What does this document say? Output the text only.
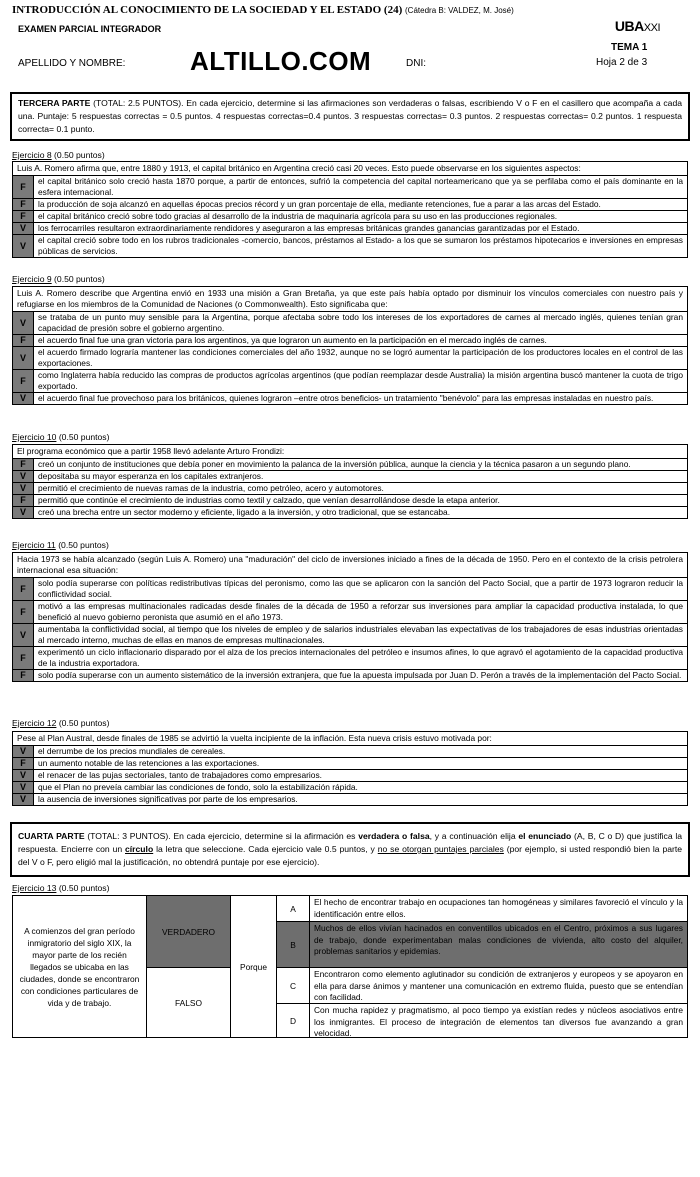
INTRODUCCIÓN AL CONOCIMIENTO DE LA SOCIEDAD Y EL ESTADO (24) (Cátedra B: VALDEZ, M. José)
EXAMEN PARCIAL INTEGRADOR	UBAXXI
TEMA 1
APELLIDO Y NOMBRE: ALTILLO.COM	DNI:	Hoja 2 de 3
TERCERA PARTE (TOTAL: 2.5 PUNTOS). En cada ejercicio, determine si las afirmaciones son verdaderas o falsas, escribiendo V o F en el casillero que acompaña a cada una. Puntaje: 5 respuestas correctas = 0.5 puntos. 4 respuestas correctas=0.4 puntos. 3 respuestas correctas= 0.3 puntos. 2 respuestas correctas= 0.2 puntos. 1 respuesta correcta= 0.1 punto.
Ejercicio 8 (0.50 puntos)
Luis A. Romero afirma que, entre 1880 y 1913, el capital británico en Argentina creció casi 20 veces. Esto puede observarse en los siguientes aspectos:
F
el capital británico solo creció hasta 1870 porque, a partir de entonces, sufrió la competencia del capital norteamericano que ya se perfilaba como el país dominante en la esfera internacional.
F	la producción de soja alcanzó en aquellas épocas precios récord y un gran porcentaje de ella, mediante retenciones, fue a parar a las arcas del Estado.
F	el capital británico creció sobre todo gracias al desarrollo de la industria de maquinaria agrícola para su uso en las producciones regionales.
V	los ferrocarriles resultaron extraordinariamente rendidores y aseguraron a las empresas británicas grandes ganancias garantizadas por el Estado.
V
el capital creció sobre todo en los rubros tradicionales -comercio, bancos, préstamos al Estado- a los que se sumaron los préstamos hipotecarios e inversiones en empresas públicas de servicios.
Ejercicio 9 (0.50 puntos)
Luis A. Romero describe que Argentina envió en 1933 una misión a Gran Bretaña, ya que este país había optado por disminuir los vínculos comerciales con nuestro país y refugiarse en los miembros de la Comunidad de Naciones (o Commonwealth). Esto significaba que:
V
se trataba de un punto muy sensible para la Argentina, porque afectaba sobre todo los intereses de los exportadores de carnes al mercado inglés, quienes tenían gran capacidad de presión sobre el gobierno argentino.
F	el acuerdo final fue una gran victoria para los argentinos, ya que lograron un aumento en la participación en el mercado inglés de carnes.
V
el acuerdo firmado lograría mantener las condiciones comerciales del año 1932, aunque no se logró aumentar la participación de los productores locales en el control de las exportaciones.
F
como Inglaterra había reducido las compras de productos agrícolas argentinos (que podían reemplazar desde Australia) la misión argentina buscó mantener la cuota de trigo exportado.
V	el acuerdo final fue provechoso para los británicos, quienes lograron –entre otros beneficios- un tratamiento "benévolo" para las empresas instaladas en nuestro país.
Ejercicio 10 (0.50 puntos)
El programa económico que a partir 1958 llevó adelante Arturo Frondizi:
F	creó un conjunto de instituciones que debía poner en movimiento la palanca de la inversión pública, aunque la ciencia y la técnica pasaron a un segundo plano.
V	depositaba su mayor esperanza en los capitales extranjeros.
V	permitió el crecimiento de nuevas ramas de la industria, como petróleo, acero y automotores.
F	permitió que continúe el crecimiento de industrias como textil y calzado, que venían desarrollándose desde la etapa anterior.
V	creó una brecha entre un sector moderno y eficiente, ligado a la inversión, y otro tradicional, que se estancaba.
Ejercicio 11 (0.50 puntos)
Hacia 1973 se había alcanzado (según Luis A. Romero) una "maduración" del ciclo de inversiones iniciado a fines de la década de 1950. Pero en el contexto de la crisis petrolera internacional esa situación:
F
solo podía superarse con políticas redistributivas típicas del peronismo, como las que se aplicaron con la sanción del Pacto Social, que a partir de 1973 lograron reducir la conflictividad social.
F
motivó a las empresas multinacionales radicadas desde finales de la década de 1950 a reforzar sus inversiones para ampliar la capacidad productiva instalada, lo que benefició al nuevo gobierno peronista que asumió en el año 1973.
V
aumentaba la conflictividad social, al tiempo que los niveles de empleo y de salarios industriales elevaban las expectativas de los trabajadores de esas industrias orientadas al mercado interno, muchas de ellas en manos de empresas multinacionales.
F
experimentó un ciclo inflacionario disparado por el alza de los precios internacionales del petróleo e insumos afines, lo que agravó el agotamiento de la capacidad productiva de la industria exportadora.
F	solo podía superarse con un aumento sistemático de la inversión extranjera, que fue la apuesta impulsada por Juan D. Perón a través de la implementación del Pacto Social.
Ejercicio 12 (0.50 puntos)
Pese al Plan Austral, desde finales de 1985 se advirtió la vuelta incipiente de la inflación. Esta nueva crisis estuvo motivada por:
V	el derrumbe de los precios mundiales de cereales.
F	un aumento notable de las retenciones a las exportaciones.
V	el renacer de las pujas sectoriales, tanto de trabajadores como empresarios.
V	que el Plan no preveía cambiar las condiciones de fondo, solo la estabilización rápida.
V	la ausencia de inversiones significativas por parte de los empresarios.
CUARTA PARTE (TOTAL: 3 PUNTOS). En cada ejercicio, determine si la afirmación es verdadera o falsa, y a continuación elija el enunciado (A, B, C o D) que justifica la respuesta. Encierre con un círculo la letra que seleccione. Cada ejercicio vale 0.5 puntos, y no se otorgan puntajes parciales (por ejemplo, si usted respondió bien la parte del V o F, pero eligió mal la justificación, no obtendrá puntaje por ese ejercicio).
Ejercicio 13 (0.50 puntos)
A comienzos del gran período inmigratorio del siglo XIX, la mayor parte de los recién llegados se ubicaba en las ciudades, donde se encontraron con condiciones particulares de vida y de trabajo.
VERDADERO
FALSO
Porque
A
El hecho de encontrar trabajo en ocupaciones tan homogéneas y similares favoreció el vínculo y la identificación entre ellos.
B
Muchos de ellos vivían hacinados en conventillos ubicados en el Centro, próximos a sus lugares de trabajo, donde experimentaban malas condiciones de vivienda, alto costo del alquiler, problemas sanitarios y epidemias.
C
Encontraron como elemento aglutinador su condición de extranjeros y europeos y se apoyaron en ella para darse ánimos y mantener una comunicación en extremo fluida, puesto que se entendían con facilidad.
D
Con mucha rapidez y pragmatismo, al poco tiempo ya existían redes y núcleos asociativos entre los inmigrantes. El proceso de integración de elementos tan diversos fue avanzando a gran velocidad.
